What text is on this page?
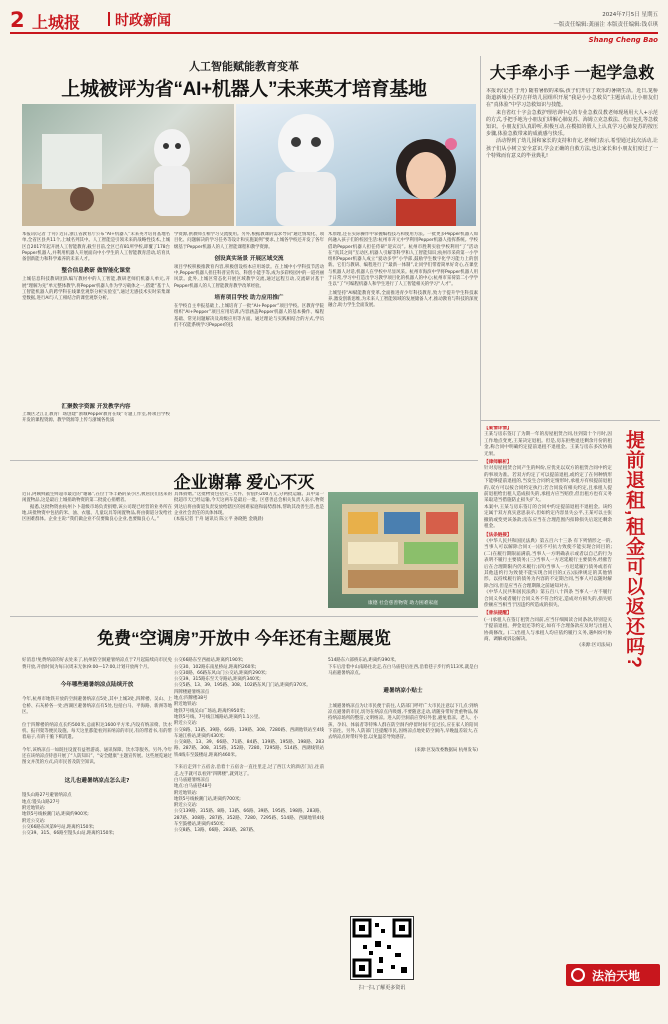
2 上城报 时政新闻	2024年7月5日 星期五
一版责任编辑:龚丽注 本版责任编辑:钱卓琪
Shang Cheng Bao
人工智能赋能教育变革
上城被评为省“AI+机器人”未来英才培育基地

本报讯(记者 于舟) 近日,浙江省教育厅公布“AI+机器人”未来英才培育基地名单,全省区县共11个,上城名列其中。人工智能是引领未来的战略性技术,上城区自2017年起开展人工智能教育,截至目前,全区已有81所学校,即覆了178台Pepper机器人,并利用机器人开展面向中小学生的人工智能教育活动,培育具备创新能力和科学素养的未来人才。

整合信息教研 做智能化课堂

上城信息科技教研团队编写教材中的人工智能,教研老师们机器人单元,开展“理解为先”单元整体教学,将Pepper机器人作为学习载体之一,搭建“基于人工智能机器人的跨学科在线课堂观察分析实验室”,通过无感技术实时采集课堂数据,进行AI与人工相结合的课堂观察分析。

汇聚数字资源 开发教学内容
上城区之江汇教育广场创建“浙城Pepper教育在线”专题工作室,将项目学校开发的课程资源、教学资源等上传与浙城各优质

学资源,供教师互相学习交流使用。另外,根据教课的需求导向“通过情境化、项目化、问题解决的学习任务等设计和实施案例”要求,上城各学校还开发了各年级基于Pepper机器人的人工智能课程和教学资源。

创设真实场景 开展区域交流

项目学校积极推教育内容,积极创设校本应用场景。在上城中小学科技节活动中,Pepper机器人担任科普宣传员、科创小能手等,成为多彩校园中的一道亮丽风景。此外,上城区常态化开展区域教学交流,通过远程互动,交流研讨基于Pepper机器人的人工智能教育教学改革经验。

培育项目学校 助力应用推广

在学校自主申报基础上,上城培育了一批“AI+Pepper”项目学校。区教育学院组织“AI+Pepper”项目应用培训,内容涵盖Pepper机器人的基本操作、编程基础、常见问题解决及高级应用等方面。通过理论与实践相结合的方式,学员们不仅能系统学习Pepper的技

术原理,还在实际操作中掌握编程技巧和使用方法。一批更多Pepper机器人如何融入孩子们的校园生活:杭州市开元中学利用Pepper机器人指挥系统。学校借助Pepper机器人担任侍研“迎宾员”。杭州市胜利实验学校利用“了”活动在“真其之间”互动区,机器人引解等科学和人工智能知识;杭州市采荷第一小学组织Pepper机器人成立“爱动多学”小学部,鼓励学生数字化学习能力上的创新。它们与教研、编程进行了“最新一体制”,让同学们带着简单好奇心,在课堂与机器人对话,机器人在学校中尽显风采。杭州市海滨中学将Pepper机器人用于日常,学习中打造出学习教学项目化的机器人的中心;杭州市采荷第二小学学生以“了”可编程机器人和学生进行了人工智能相关的学习“人才”。

上城坚持“AI赋能教育变革,全面推进青少年科技教育,致力于提升学生科技素养,激发创新思维,为未来人工智能领域的发展储备人才,推动教育与科技的深度融合,助力学生全面发展。

大手牵小手 一起学急救

本报讯(记者 于舟) 随着暑假的来临,孩子们开启了欢乐的暑期生活。近日,笕桥街道新城小区的吉祥幼儿园组织开展“我是小小急救员”主题活动,让小朋友们在“真体验”中学习急救知识与技能。

来自省红十字会急救护理培训中心的专业急救员教老师现场用大人+示范的方式,手把手地为小朋友们讲解心肺复苏、海姆立克急救法、伤口包扎等急救知识。小朋友们认真聆听,积极互动,在模拟的假人上认真学习心肺复苏的按压步骤,体验急救带来的成就感与快乐。

活动得到了幼儿园和家长的支持和肯定,老师们表示,希望通过此次活动,让孩子们从小树立安全意识,学会正确的自救方法,也让家长和小朋友们度过了一个特殊而有意义的毕业典礼!

【案情详情】

王某与房东签订了为期一年的房屋租赁合同,住到第十个月时,因工作地点变更,王某决定退租。但是,房东拒绝退还剩余月份的租金,称合同中明确约定提前退租不退租金。王某与房东多次协商无果。

【律师解析】

针对房屋租赁合同产生的纠纷,应优先以双方的租赁合同中约定的事项为准。若双方约定了可以提前退租,或约定了在何种情形下能够提前退租的,当发生合同约定情形时,承租方有权提前退租的,双方可以按合同约定执行;若合同没有相关约定,且承租人提前退租给出租人造成损失的,承租方应当赔偿,但出租方也有义务采取适当措施防止损失扩大。

本案中,王某与房东签订的合同中约定提前退租不退租金。该约定属于双方真实意思表示,但如约定内容显失公平,王某可以主张撤销或变更该条款;房东应当在合理范围内扣除损失后返还剩余租金。

【法条链接】

《中华人民共和国民法典》第五百六十三条 有下列情形之一的,当事人可以解除合同:(一)因不可抗力致使不能实现合同目的;(二)在履行期限届满前,当事人一方明确表示或者以自己的行为表明不履行主要债务;(三)当事人一方迟延履行主要债务,经催告后在合理期限内仍未履行;(四)当事人一方迟延履行债务或者有其他违约行为致使不能实现合同目的;(五)法律规定的其他情形。以持续履行的债务为内容的不定期合同,当事人可以随时解除合同,但是应当在合理期限之前通知对方。

《中华人民共和国民法典》第五百八十四条 当事人一方不履行合同义务或者履行合同义务不符合约定,造成对方损失的,损失赔偿额应当相当于因违约所造成的损失。

【普法提醒】

(一)承租人在签订租赁合同前,应当仔细阅读合同条款,特别是关于提前退租、押金退还等约定,如有不合理条款应及时与出租人协商修改。(二)出租人与承租人均应依约履行义务,遇纠纷可协商、调解或诉讼解决。

(来源:区司法局) 提前退租,租金可以返还吗?
法治天地
企业谢幕 爱心不灭

近日,阿姨鲜蔬生鲜超市最近的“谢幕”,在位于华丰路的某小区,被居民们送来的闲置物品,这是最后上城捐助物资的第二批爱心捐赠者。

据悉,这批物资由杭州卜卜超级市场负责捐赠,该公司现已经营的业务所在地,该批物资中包括的米、油、衣服、儿童玩具等闲置物品,将由街道分发给社区困难群体。企业主说:“我们做企业不仅要做良心企业,也要做良心人。”

具体捐赠。”这批物资包括大三大件、价值约200万元,分两批运输。其中第一批超市天已经运输,今天这两车是最后一批。区慈善总会相关负责人表示,物资到达后将由街道负责发放给辖区的困难家庭和弱势群体,帮助其改善生活,也是企业社会责任的具体体现。

(本报记者 于舟 通讯员 陈立平 孙晓艳 金晓晨)

康德 社会慈善物资 助力困难家庭
免费“空调房”开放中 今年还有主题展览

好消息!免费纳凉的好去处来了,杭州防空洞避暑纳凉点于7月起陆续向市民免费开放,开放时间为每日(周末无休)9:00—17:00,计划开放两个月。

今年哪些避暑纳凉点陆续开放

今年,杭州市地铁开放的空洞避暑纳凉点5处,其中上城3处,四牌楼、吴山、上仓桥、石灰桥各一处;西湖区避暑纳凉点有5处,包括白马、平海路、新洲等地区。

位于四牌楼的纳凉点长约500米,总面积达1600平方米,内设有纳凉椅、饮水机、报刊架等便民设施。每天这里都能看到来纳凉的市民,有的带着书,有的带着扇子,有的干脆下棋消遣。

今年,该纳凉点一如既往设置有益智游戏、通讯保障、饮水等服务。另外,今年还在该纳凉点特意开展了“人防知识”、“安全健康”主题宣传展。这些展览通过图文并茂的方式,向市民普及防空知识。

这儿也避暑纳凉点怎么走?

馒头山路27号避暑纳凉点
地点:馒头山路27号
附近地铁站:
地铁5号线候潮门站,距离约900米;
附近公交站:
公交66路东风第9号站,距离约150米;
公交39、315、66路至馒头山站,距离约150米;

公交66路东至西福站,距离约190米;
公交30、102路东南星桥站,距离约260米;
公交30路、66路东风山门公交站,距离约290米;
公交39、315路东至天寺路站,距离约340米;
公交5路、13、39、195路、308、102路东风门门站,距离约370米。
四牌楼避暑纳凉点
地点:四牌楼38号
附近地铁站:
地铁7号线吴山广场站,距离约950米;
地铁5号线、7号线江城路站,距离约1.1公里。
附近公交站:
公交8路、13路、39路、66路、139路、308、7280路、西湖他铁站至4线车通江桥站,距离约430米;
公交8路、13、39、66路、71路、84路、139路、195路、198路、283路、287路、308、315路、352路、7280、7295路、514路、西湖线铁站铁4线车至鼓楼站,距离约460米。

下来后走到十五宿舍,沿着十五宿舍一直往里走,过了西江大的酒店门后,往前走,左手就可以看到“四牌楼”,就到这了。
白马庙避暑纳凉点
地点:白马庙巷48号
附近地铁站:
地铁5号线候潮门站,距离约700米;
附近公交站:
公交139路、315路、8路、13路、66路、39路、195路、198路、283路、287路、308路、287路、352路、7280、7295路、514路、西湖地铁4线车至鼓楼站,距离约450米;
公交8路、13路、66路、283路、287路、

514路东六部桥东站,距离约390米。
下车后沿着中山南路往北走,在白马庙巷后往西,沿着巷子步行约113米,就是白马庙避暑纳凉点。

避暑纳凉小贴士

上城避暑纳凉点为让市民便于前往,人防部门呼吁广大市民注意以下几点:到纳凉点避暑的市民,切勿在纳凉点内吸烟,不要随意走动,请随身带好贵重物品,保持纳凉场所的整洁,文明纳凉。进入防空洞前应穿好外套,避免着凉。老人、小孩、孕妇、体弱者等特殊人群在防空洞内停留时间不宜过长,应在家人的陪同下前往。另外,人防部门还提醒市民,因纳凉点地处防空洞内,早晚温差较大,在去纳凉点时带好外套,以免温差导致感冒。

(来源:区发改委数据局 杭州发布)

扫一扫,了解更多资讯
